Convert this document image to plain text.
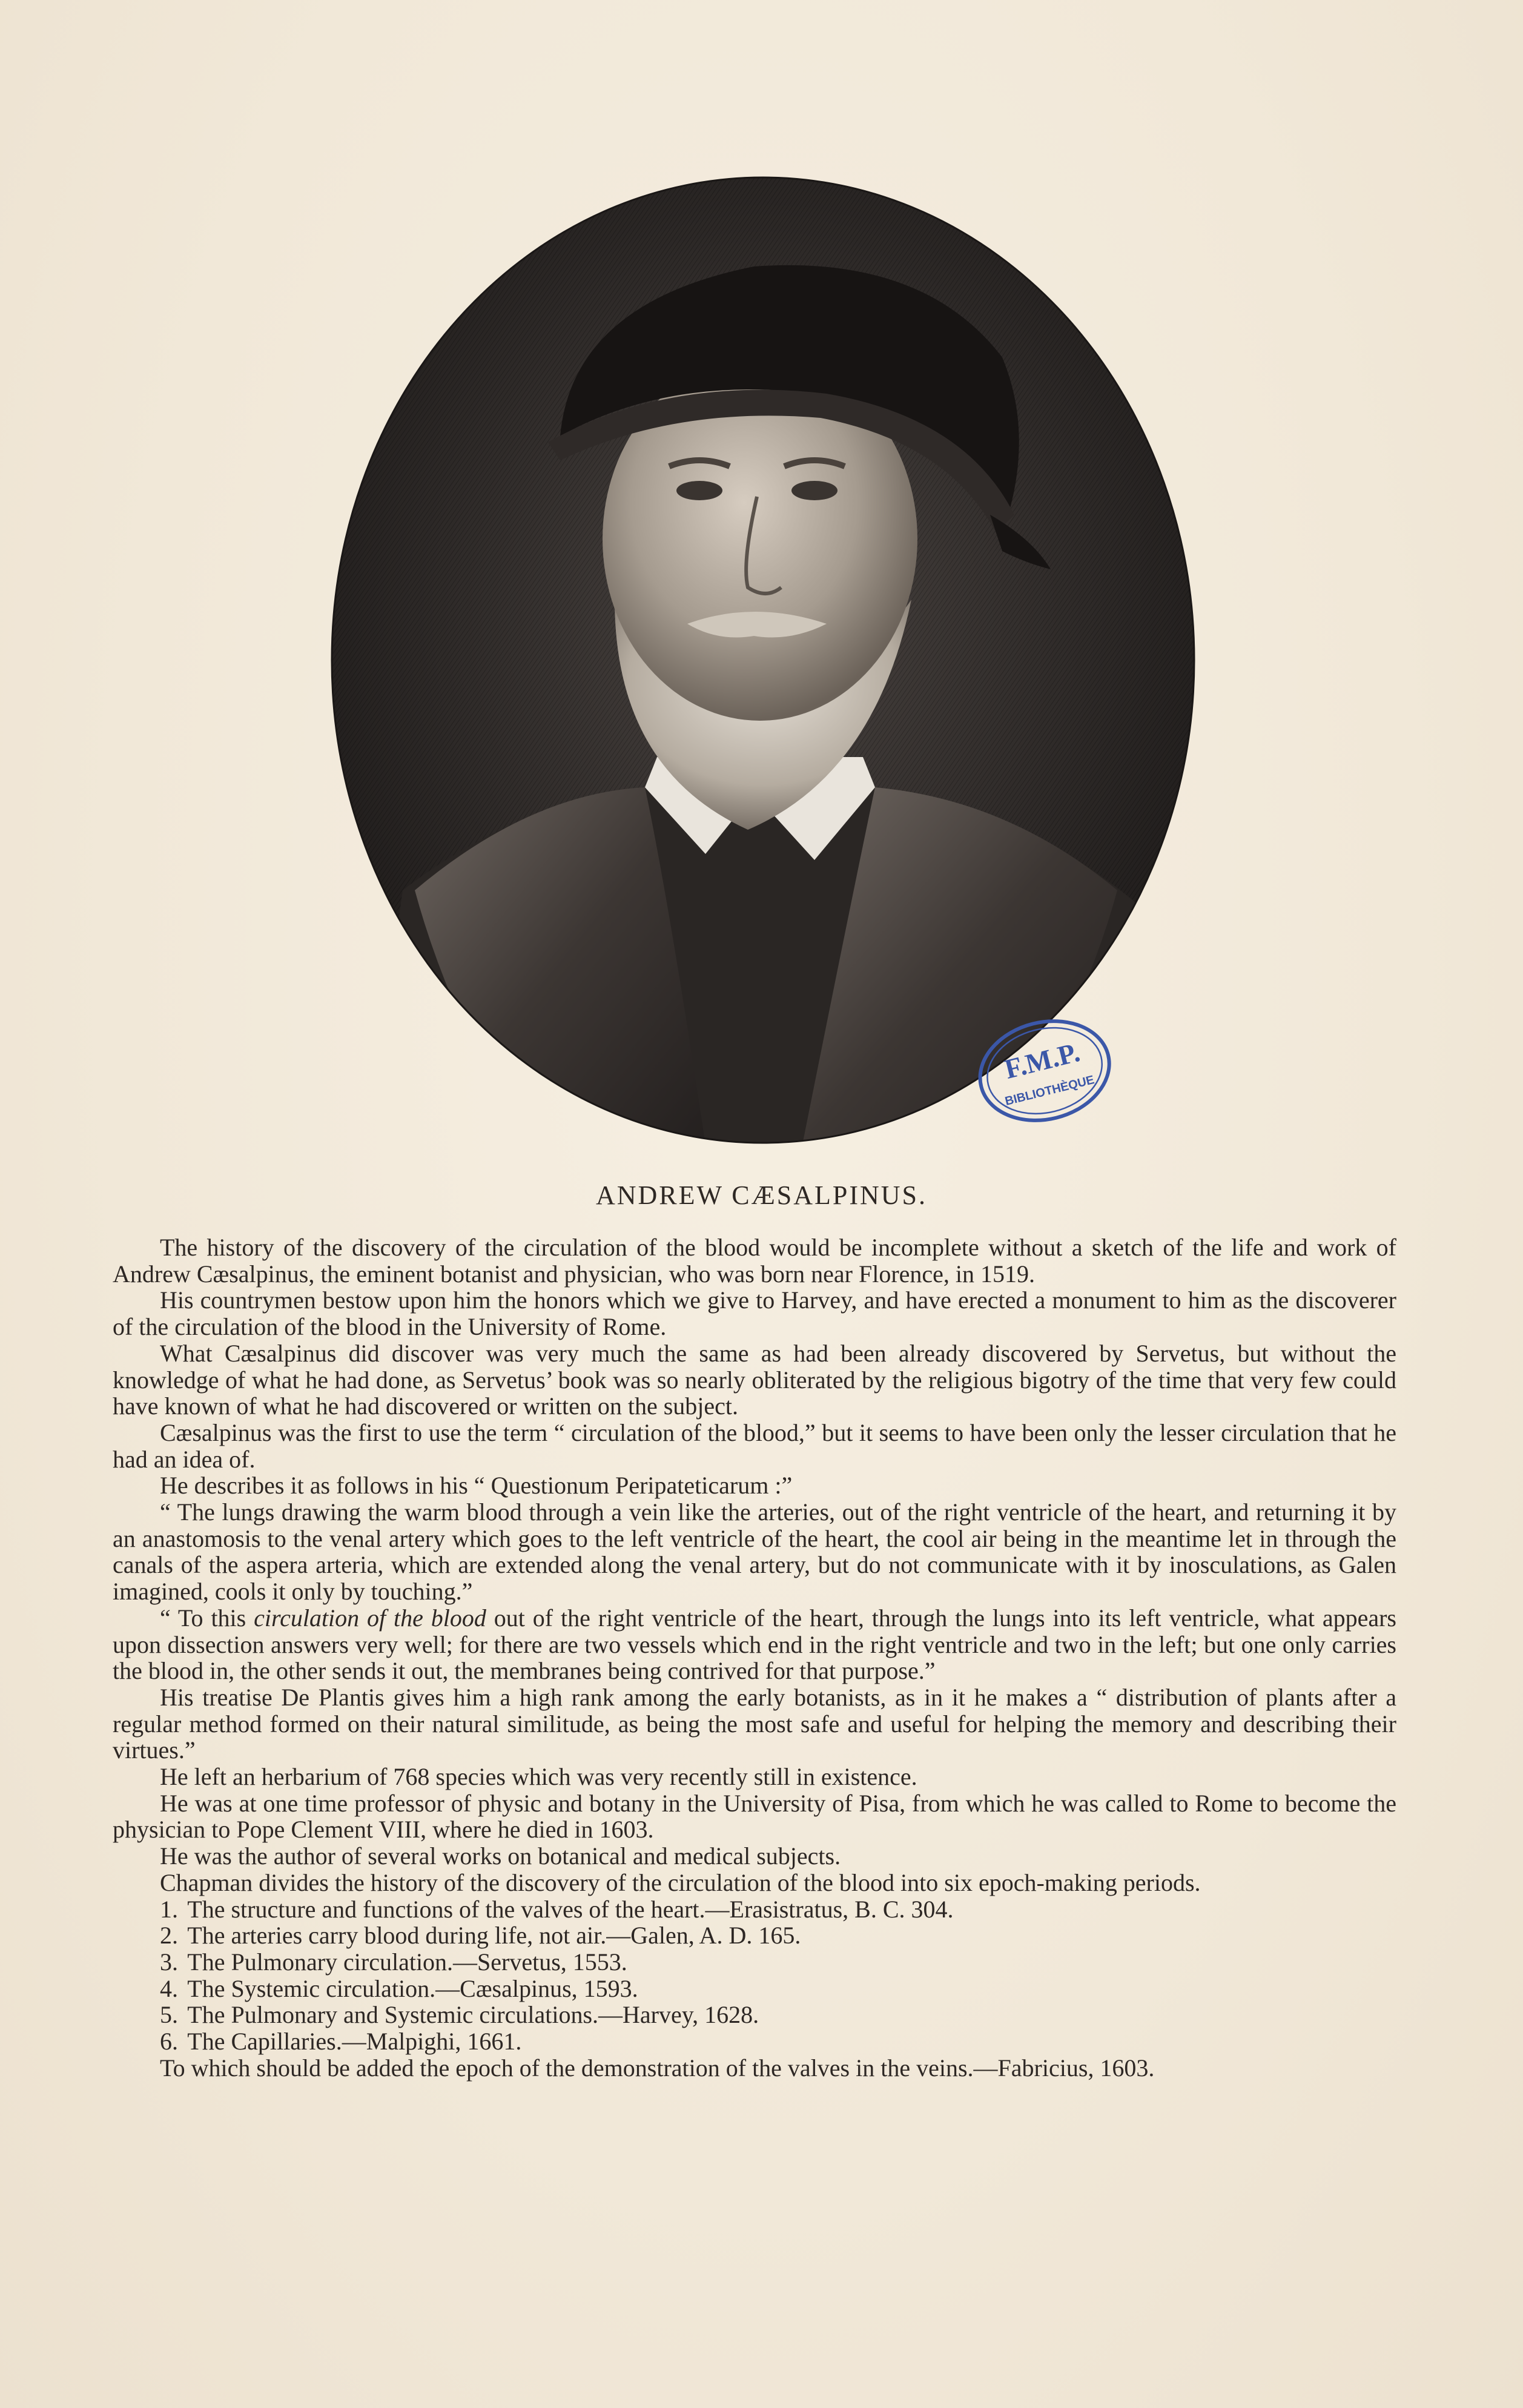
F.M.P.
BIBLIOTHÈQUE
ANDREW CÆSALPINUS.

The history of the discovery of the circulation of the blood would be incomplete without a sketch of the life and work of Andrew Cæsalpinus, the eminent botanist and physician, who was born near Florence, in 1519.

His countrymen bestow upon him the honors which we give to Harvey, and have erected a monument to him as the discoverer of the circulation of the blood in the University of Rome.

What Cæsalpinus did discover was very much the same as had been already discovered by Servetus, but without the knowledge of what he had done, as Servetus’ book was so nearly obliterated by the religious bigotry of the time that very few could have known of what he had discovered or written on the subject.

Cæsalpinus was the first to use the term “ circulation of the blood,” but it seems to have been only the lesser circulation that he had an idea of.

He describes it as follows in his “ Questionum Peripateticarum :”

“ The lungs drawing the warm blood through a vein like the arteries, out of the right ventricle of the heart, and returning it by an anastomosis to the venal artery which goes to the left ventricle of the heart, the cool air being in the meantime let in through the canals of the aspera arteria, which are extended along the venal artery, but do not communicate with it by inosculations, as Galen imagined, cools it only by touching.”

“ To this circulation of the blood out of the right ventricle of the heart, through the lungs into its left ventricle, what appears upon dissection answers very well; for there are two vessels which end in the right ventricle and two in the left; but one only carries the blood in, the other sends it out, the membranes being contrived for that purpose.”

His treatise De Plantis gives him a high rank among the early botanists, as in it he makes a “ distribution of plants after a regular method formed on their natural similitude, as being the most safe and useful for helping the memory and describing their virtues.”

He left an herbarium of 768 species which was very recently still in existence.

He was at one time professor of physic and botany in the University of Pisa, from which he was called to Rome to become the physician to Pope Clement VIII, where he died in 1603.

He was the author of several works on botanical and medical subjects.

Chapman divides the history of the discovery of the circulation of the blood into six epoch-making periods.

1. The structure and functions of the valves of the heart.—Erasistratus, B. C. 304.
2. The arteries carry blood during life, not air.—Galen, A. D. 165.
3. The Pulmonary circulation.—Servetus, 1553.
4. The Systemic circulation.—Cæsalpinus, 1593.
5. The Pulmonary and Systemic circulations.—Harvey, 1628.
6. The Capillaries.—Malpighi, 1661.

To which should be added the epoch of the demonstration of the valves in the veins.—Fabricius, 1603.
